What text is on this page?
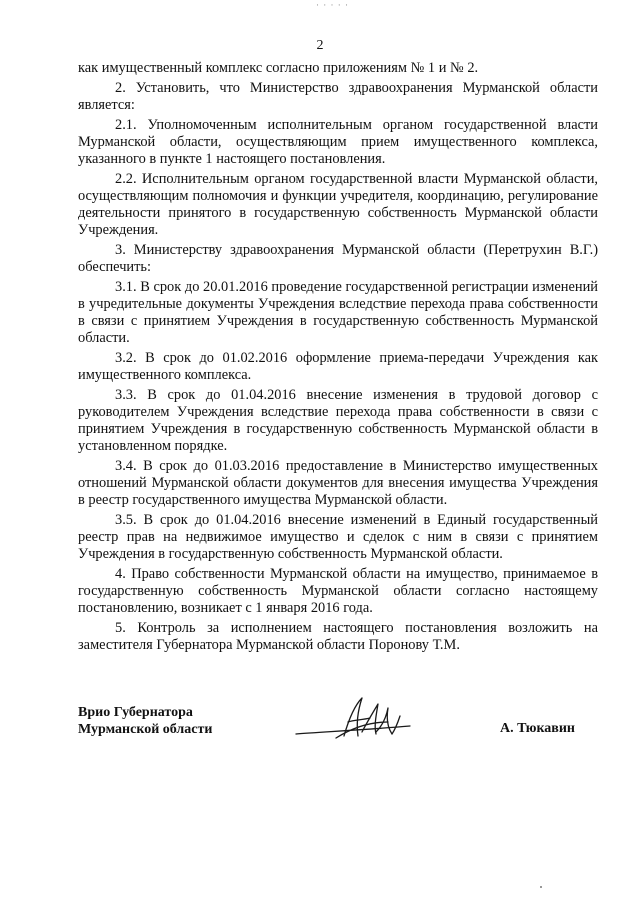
· · · · ·
2

как имущественный комплекс согласно приложениям № 1 и № 2.

2. Установить, что Министерство здравоохранения Мурманской области является:

2.1. Уполномоченным исполнительным органом государственной власти Мурманской области, осуществляющим прием имущественного комплекса, указанного в пункте 1 настоящего постановления.

2.2. Исполнительным органом государственной власти Мурманской области, осуществляющим полномочия и функции учредителя, координацию, регулирование деятельности принятого в государственную собственность Мурманской области Учреждения.

3. Министерству здравоохранения Мурманской области (Перетрухин В.Г.) обеспечить:

3.1. В срок до 20.01.2016 проведение государственной регистрации изменений в учредительные документы Учреждения вследствие перехода права собственности в связи с принятием Учреждения в государственную собственность Мурманской области.

3.2. В срок до 01.02.2016 оформление приема-передачи Учреждения как имущественного комплекса.

3.3. В срок до 01.04.2016 внесение изменения в трудовой договор с руководителем Учреждения вследствие перехода права собственности в связи с принятием Учреждения в государственную собственность Мурманской области в установленном порядке.

3.4. В срок до 01.03.2016 предоставление в Министерство имущественных отношений Мурманской области документов для внесения имущества Учреждения в реестр государственного имущества Мурманской области.

3.5. В срок до 01.04.2016 внесение изменений в Единый государственный реестр прав на недвижимое имущество и сделок с ним в связи с принятием Учреждения в государственную собственность Мурманской области.

4. Право собственности Мурманской области на имущество, принимаемое в государственную собственность Мурманской области согласно настоящему постановлению, возникает с 1 января 2016 года.

5. Контроль за исполнением настоящего постановления возложить на заместителя Губернатора Мурманской области Поронову Т.М.

Врио Губернатора
Мурманской области	А. Тюкавин
